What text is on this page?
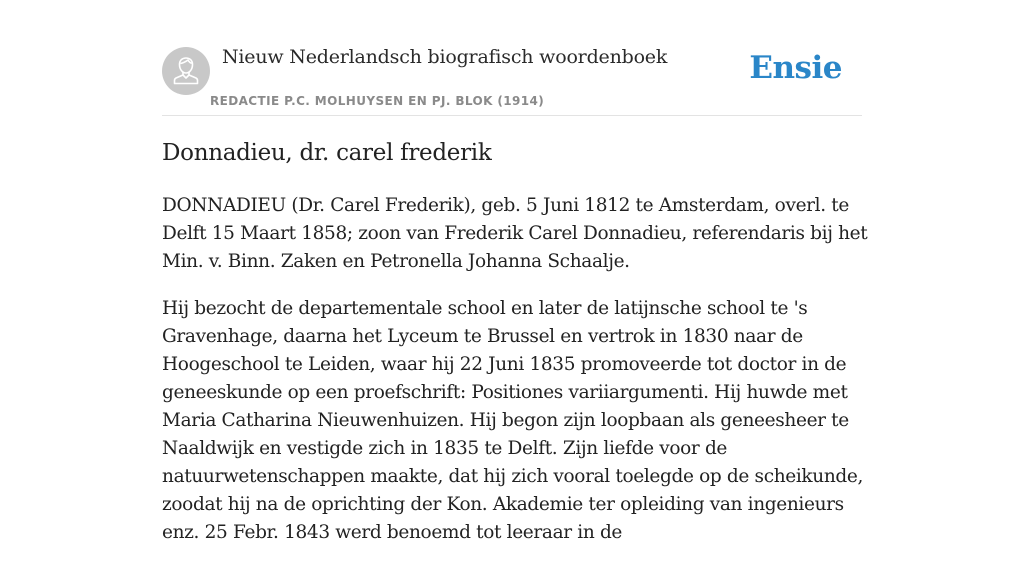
Nieuw Nederlandsch biografisch woordenboek
REDACTIE P.C. MOLHUYSEN EN PJ. BLOK (1914)
Ensie
Donnadieu, dr. carel frederik

DONNADIEU (Dr. Carel Frederik), geb. 5 Juni 1812 te Amsterdam, overl. te Delft 15 Maart 1858; zoon van Frederik Carel Donnadieu, referendaris bij het Min. v. Binn. Zaken en Petronella Johanna Schaalje.

Hij bezocht de departementale school en later de latijnsche school te 's Gravenhage, daarna het Lyceum te Brussel en vertrok in 1830 naar de Hoogeschool te Leiden, waar hij 22 Juni 1835 promoveerde tot doctor in de geneeskunde op een proefschrift: Positiones variiargumenti. Hij huwde met Maria Catharina Nieuwenhuizen. Hij begon zijn loopbaan als geneesheer te Naaldwijk en vestigde zich in 1835 te Delft. Zijn liefde voor de natuurwetenschappen maakte, dat hij zich vooral toelegde op de scheikunde, zoodat hij na de oprichting der Kon. Akademie ter opleiding van ingenieurs enz. 25 Febr. 1843 werd benoemd tot leeraar in de
